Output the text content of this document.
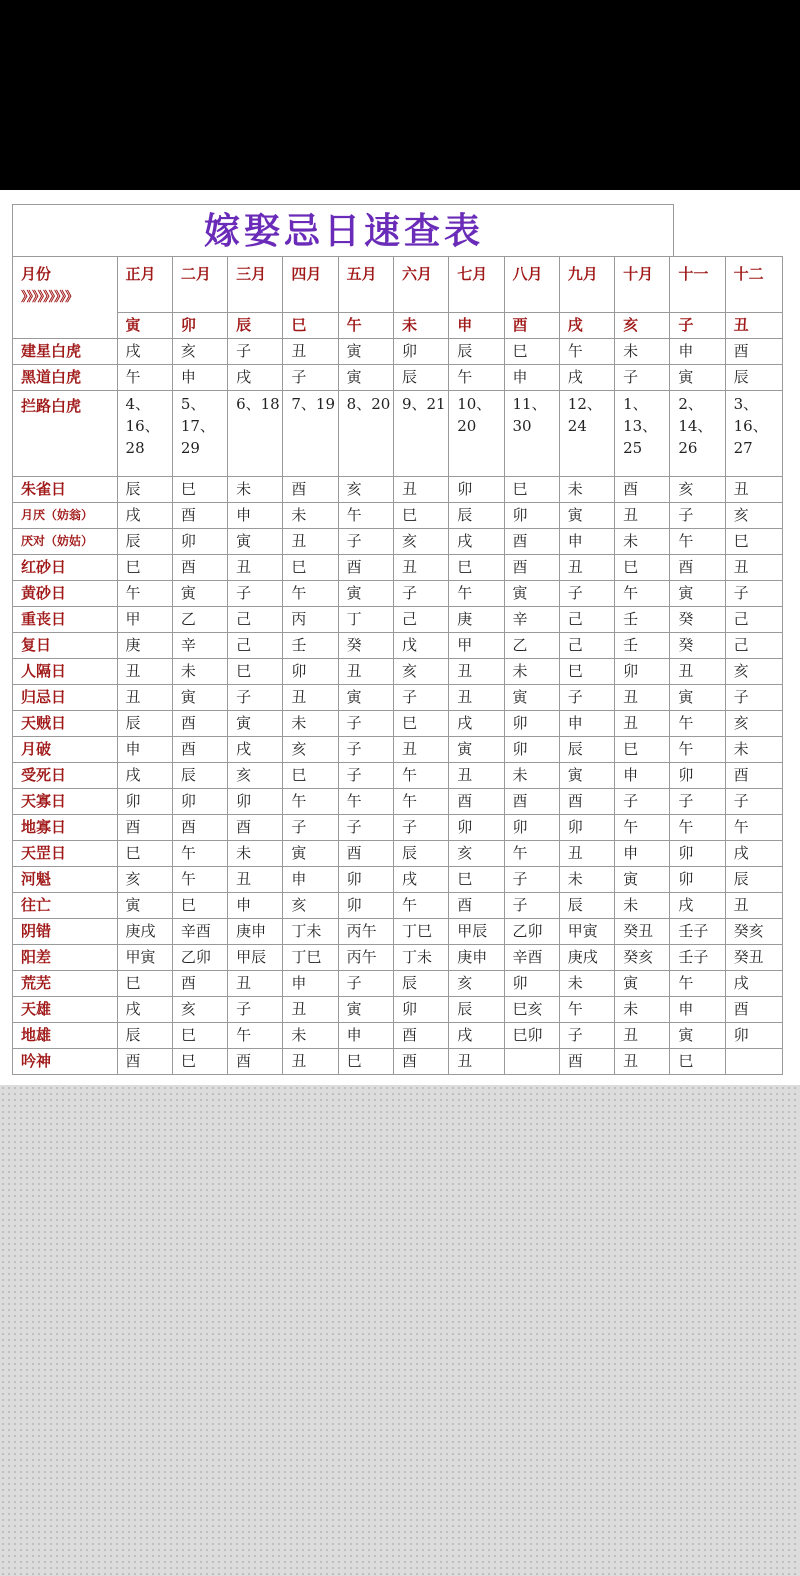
嫁娶忌日速查表
月份
》》》》》》》》》	正月	二月	三月	四月	五月	六月	七月	八月	九月	十月	十一	十二
	寅	卯	辰	巳	午	未	申	酉	戌	亥	子	丑
建星白虎	戌	亥	子	丑	寅	卯	辰	巳	午	未	申	酉
黑道白虎	午	申	戌	子	寅	辰	午	申	戌	子	寅	辰
拦路白虎	4、16、28	5、17、29	6、18	7、19	8、20	9、21	10、20	11、30	12、24	1、13、25	2、14、26	3、16、27
朱雀日	辰	巳	未	酉	亥	丑	卯	巳	未	酉	亥	丑
月厌（妨翁）	戌	酉	申	未	午	巳	辰	卯	寅	丑	子	亥
厌对（妨姑）	辰	卯	寅	丑	子	亥	戌	酉	申	未	午	巳
红砂日	巳	酉	丑	巳	酉	丑	巳	酉	丑	巳	酉	丑
黄砂日	午	寅	子	午	寅	子	午	寅	子	午	寅	子
重丧日	甲	乙	己	丙	丁	己	庚	辛	己	壬	癸	己
复日	庚	辛	己	壬	癸	戊	甲	乙	己	壬	癸	己
人隔日	丑	未	巳	卯	丑	亥	丑	未	巳	卯	丑	亥
归忌日	丑	寅	子	丑	寅	子	丑	寅	子	丑	寅	子
天贼日	辰	酉	寅	未	子	巳	戌	卯	申	丑	午	亥
月破	申	酉	戌	亥	子	丑	寅	卯	辰	巳	午	未
受死日	戌	辰	亥	巳	子	午	丑	未	寅	申	卯	酉
天寡日	卯	卯	卯	午	午	午	酉	酉	酉	子	子	子
地寡日	酉	酉	酉	子	子	子	卯	卯	卯	午	午	午
天罡日	巳	午	未	寅	酉	辰	亥	午	丑	申	卯	戌
河魁	亥	午	丑	申	卯	戌	巳	子	未	寅	卯	辰
往亡	寅	巳	申	亥	卯	午	酉	子	辰	未	戌	丑
阴错	庚戌	辛酉	庚申	丁未	丙午	丁巳	甲辰	乙卯	甲寅	癸丑	壬子	癸亥
阳差	甲寅	乙卯	甲辰	丁巳	丙午	丁未	庚申	辛酉	庚戌	癸亥	壬子	癸丑
荒芜	巳	酉	丑	申	子	辰	亥	卯	未	寅	午	戌
天雄	戌	亥	子	丑	寅	卯	辰	巳亥	午	未	申	酉
地雄	辰	巳	午	未	申	酉	戌	巳卯	子	丑	寅	卯
吟神	酉	巳	酉	丑	巳	酉	丑		酉	丑	巳	
